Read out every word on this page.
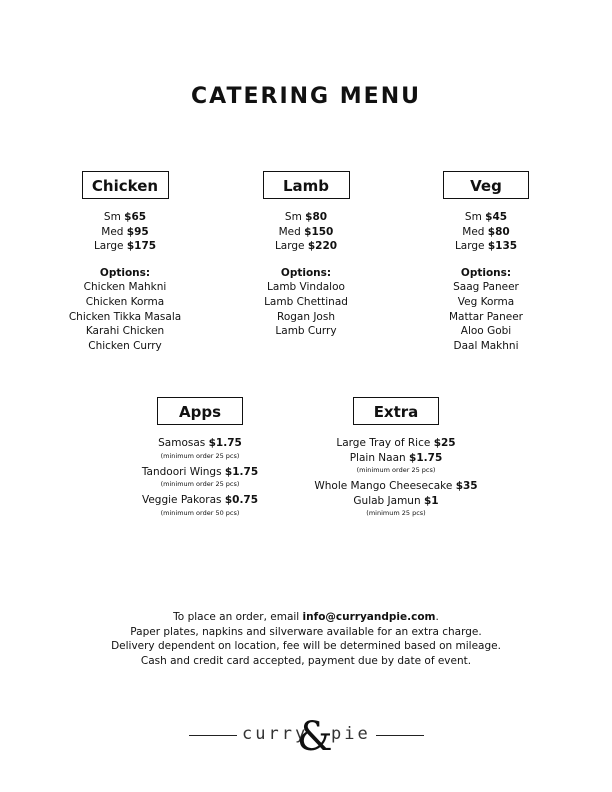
CATERING MENU
Chicken
Sm $65
Med $95
Large $175
Options:
Chicken Mahkni
Chicken Korma
Chicken Tikka Masala
Karahi Chicken
Chicken Curry
Lamb
Sm $80
Med $150
Large $220
Options:
Lamb Vindaloo
Lamb Chettinad
Rogan Josh
Lamb Curry
Veg
Sm $45
Med $80
Large $135
Options:
Saag Paneer
Veg Korma
Mattar Paneer
Aloo Gobi
Daal Makhni
Apps
Samosas $1.75
(minimum order 25 pcs)
Tandoori Wings $1.75
(minimum order 25 pcs)
Veggie Pakoras $0.75
(minimum order 50 pcs)
Extra
Large Tray of Rice $25
Plain Naan $1.75
(minimum order 25 pcs)
Whole Mango Cheesecake $35
Gulab Jamun $1
(minimum 25 pcs)
To place an order, email info@curryandpie.com.
Paper plates, napkins and silverware available for an extra charge.
Delivery dependent on location, fee will be determined based on mileage.
Cash and credit card accepted, payment due by date of event.
curry
&
pie
